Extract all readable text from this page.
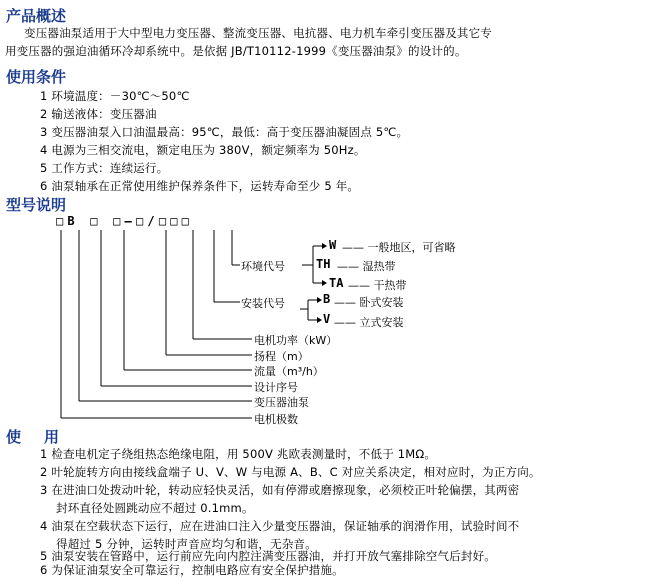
产品概述
变压器油泵适用于大中型电力变压器、整流变压器、电抗器、电力机车牵引变压器及其它专
用变压器的强迫油循环冷却系统中。是依据 JB/T10112-1999《变压器油泵》的设计的。
使用条件
1 环境温度：－30℃～50℃
2 输送液体：变压器油
3 变压器油泵入口油温最高：95℃，最低：高于变压器油凝固点 5℃。
4 电源为三相交流电，额定电压为 380V，额定频率为 50Hz。
5 工作方式：连续运行。
6 油泵轴承在正常使用维护保养条件下，运转寿命至少 5 年。
型号说明
□B □ □—□/□□□
环境代号
W —— 一般地区，可省略
TH —— 湿热带
TA —— 干热带
安装代号	B —— 卧式安装
V —— 立式安装
电机功率（kW）
扬程（m）
流量（m³/h）
设计序号
变压器油泵
电机极数
使　用
1 检查电机定子绕组热态绝缘电阻，用 500V 兆欧表测量时，不低于 1MΩ。
2 叶轮旋转方向由接线盒端子 U、V、W 与电源 A、B、C 对应关系决定，相对应时，为正方向。
3 在进油口处拨动叶轮，转动应轻快灵活，如有停滞或磨擦现象，必须校正叶轮偏摆，其两密
封环直径处圆跳动应不超过 0.1mm。
4 油泵在空载状态下运行，应在进油口注入少量变压器油，保证轴承的润滑作用，试验时间不
得超过 5 分钟，运转时声音应均匀和谐，无杂音。
5 油泵安装在管路中，运行前应先向内腔注满变压器油，并打开放气塞排除空气后封好。
6 为保证油泵安全可靠运行，控制电路应有安全保护措施。
